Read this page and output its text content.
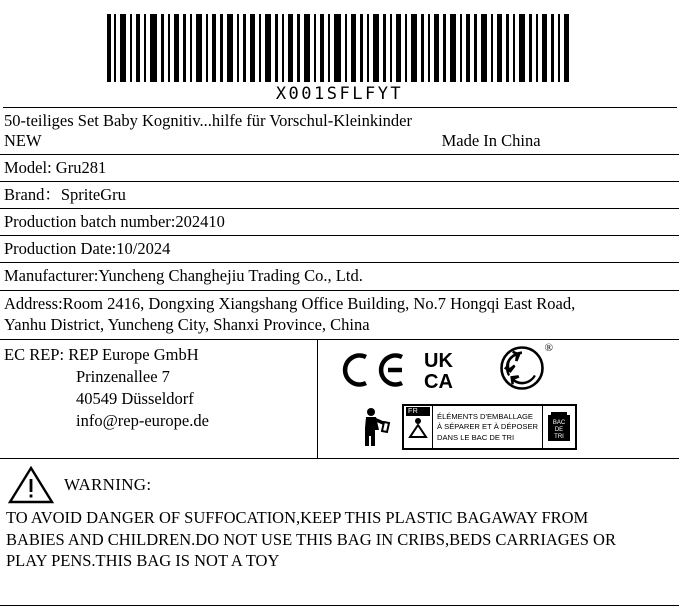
X001SFLFYT
50-teiliges Set Baby Kognitiv...hilfe für Vorschul-Kleinkinder
NEW	Made In China
Model: Gru281
Brand：SpriteGru
Production batch number:202410
Production Date:10/2024
Manufacturer:Yuncheng Changhejiu Trading Co., Ltd.
Address:Room 2416, Dongxing Xiangshang Office Building, No.7 Hongqi East Road,
Yanhu District, Yuncheng City, Shanxi Province, China
EC REP: REP Europe GmbH
Prinzenallee 7
40549 Düsseldorf
info@rep-europe.de
UK
CA
®
FR
ÉLÉMENTS D'EMBALLAGE
À SÉPARER ET À DÉPOSER
DANS LE BAC DE TRI
BAC
DE
TRI
WARNING:
TO AVOID DANGER OF SUFFOCATION,KEEP THIS PLASTIC BAGAWAY FROM
BABIES AND CHILDREN.DO NOT USE THIS BAG IN CRIBS,BEDS CARRIAGES OR
PLAY PENS.THIS BAG IS NOT A TOY
